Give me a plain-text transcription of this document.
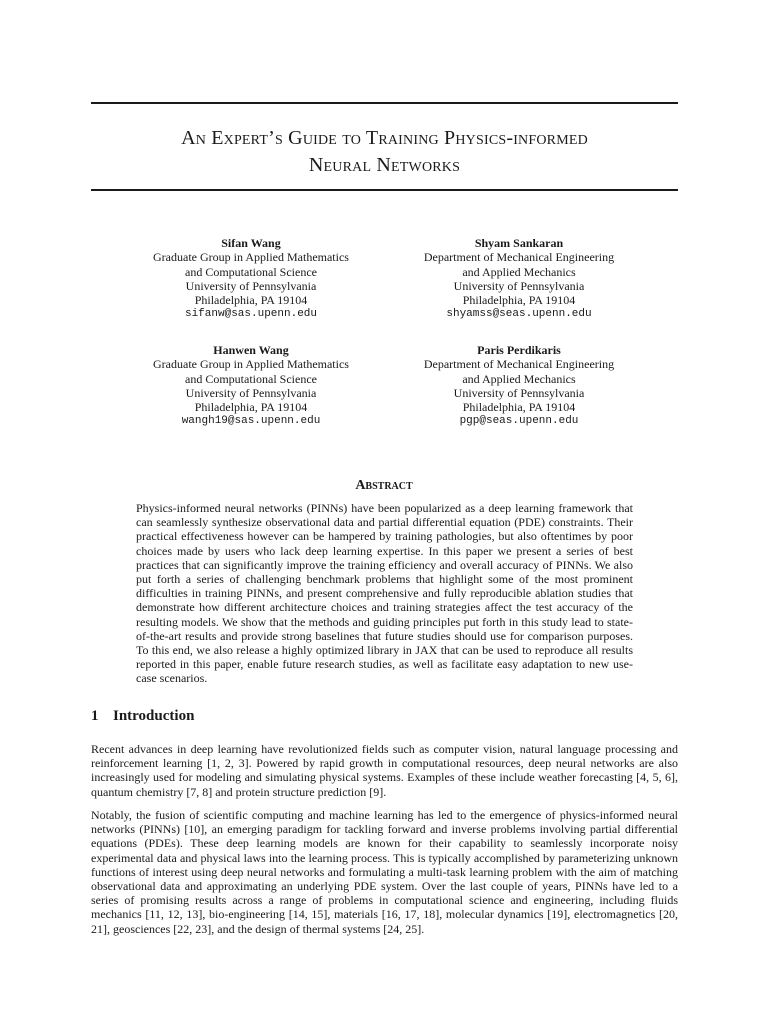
An Expert’s Guide to Training Physics-informed
Neural Networks
Sifan Wang
Graduate Group in Applied Mathematics
and Computational Science
University of Pennsylvania
Philadelphia, PA 19104
sifanw@sas.upenn.edu
Shyam Sankaran
Department of Mechanical Engineering
and Applied Mechanics
University of Pennsylvania
Philadelphia, PA 19104
shyamss@seas.upenn.edu
Hanwen Wang
Graduate Group in Applied Mathematics
and Computational Science
University of Pennsylvania
Philadelphia, PA 19104
wangh19@sas.upenn.edu
Paris Perdikaris
Department of Mechanical Engineering
and Applied Mechanics
University of Pennsylvania
Philadelphia, PA 19104
pgp@seas.upenn.edu
Abstract
Physics-informed neural networks (PINNs) have been popularized as a deep learning framework that can seamlessly synthesize observational data and partial differential equation (PDE) constraints. Their practical effectiveness however can be hampered by training pathologies, but also oftentimes by poor choices made by users who lack deep learning expertise. In this paper we present a series of best practices that can significantly improve the training efficiency and overall accuracy of PINNs. We also put forth a series of challenging benchmark problems that highlight some of the most prominent difficulties in training PINNs, and present comprehensive and fully reproducible ablation studies that demonstrate how different architecture choices and training strategies affect the test accuracy of the resulting models. We show that the methods and guiding principles put forth in this study lead to state-of-the-art results and provide strong baselines that future studies should use for comparison purposes. To this end, we also release a highly optimized library in JAX that can be used to reproduce all results reported in this paper, enable future research studies, as well as facilitate easy adaptation to new use-case scenarios.
1 Introduction

Recent advances in deep learning have revolutionized fields such as computer vision, natural language processing and reinforcement learning [1, 2, 3]. Powered by rapid growth in computational resources, deep neural networks are also increasingly used for modeling and simulating physical systems. Examples of these include weather forecasting [4, 5, 6], quantum chemistry [7, 8] and protein structure prediction [9].

Notably, the fusion of scientific computing and machine learning has led to the emergence of physics-informed neural networks (PINNs) [10], an emerging paradigm for tackling forward and inverse problems involving partial differential equations (PDEs). These deep learning models are known for their capability to seamlessly incorporate noisy experimental data and physical laws into the learning process. This is typically accomplished by parameterizing unknown functions of interest using deep neural networks and formulating a multi-task learning problem with the aim of matching observational data and approximating an underlying PDE system. Over the last couple of years, PINNs have led to a series of promising results across a range of problems in computational science and engineering, including fluids mechanics [11, 12, 13], bio-engineering [14, 15], materials [16, 17, 18], molecular dynamics [19], electromagnetics [20, 21], geosciences [22, 23], and the design of thermal systems [24, 25].
